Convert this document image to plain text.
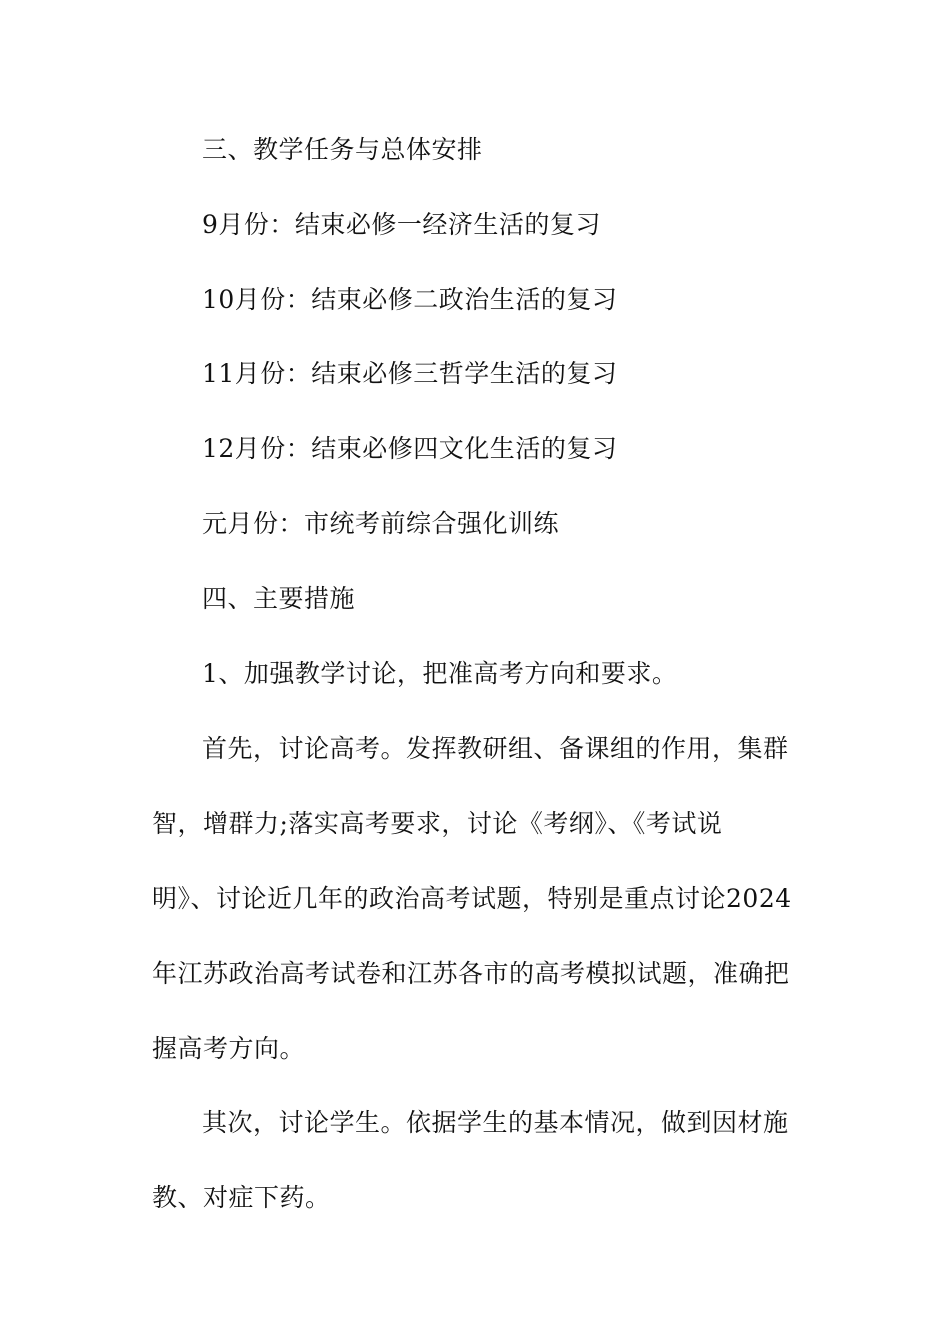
三、教学任务与总体安排
9月份：结束必修一经济生活的复习
10月份：结束必修二政治生活的复习
11月份：结束必修三哲学生活的复习
12月份：结束必修四文化生活的复习
元月份：市统考前综合强化训练
四、主要措施
1、加强教学讨论，把准高考方向和要求。
首先，讨论高考。发挥教研组、备课组的作用，集群
智，增群力;落实高考要求，讨论《考纲》、《考试说
明》、讨论近几年的政治高考试题，特别是重点讨论2024
年江苏政治高考试卷和江苏各市的高考模拟试题，准确把
握高考方向。
其次，讨论学生。依据学生的基本情况，做到因材施
教、对症下药。
